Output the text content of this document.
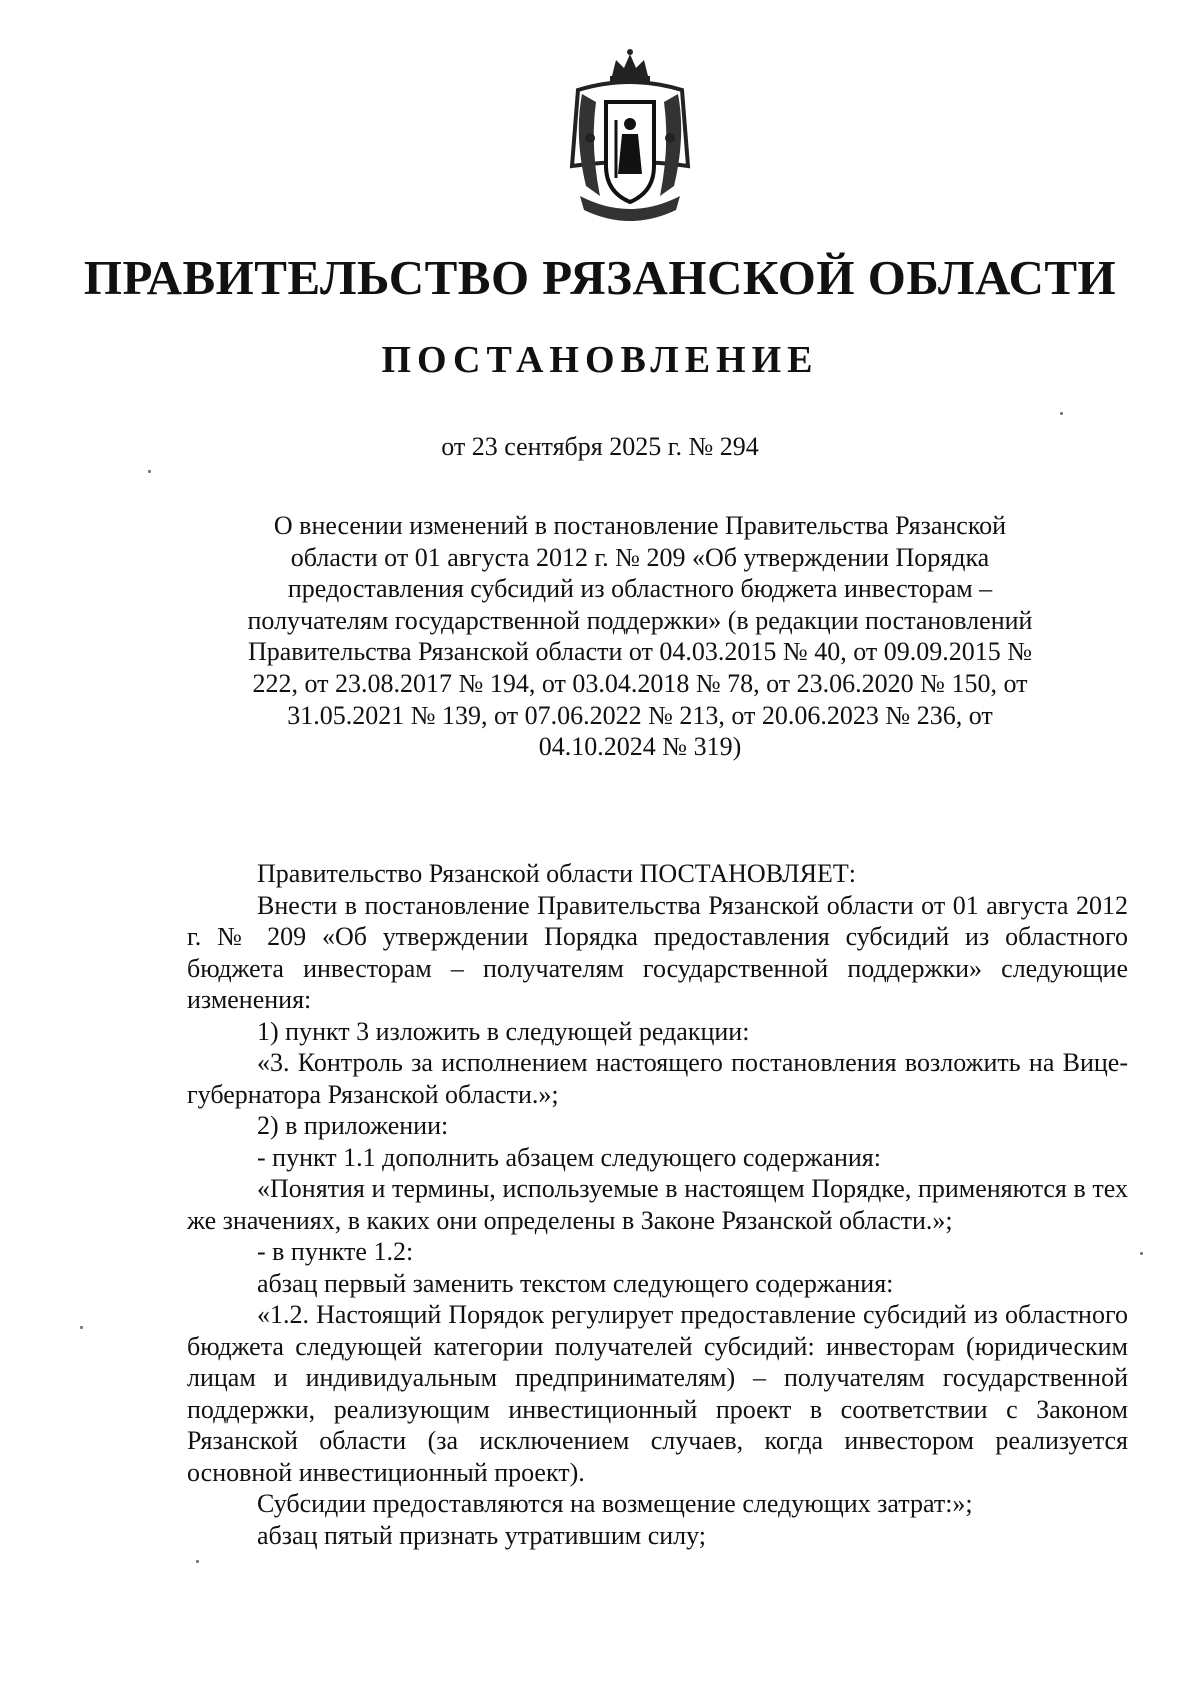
ПРАВИТЕЛЬСТВО РЯЗАНСКОЙ ОБЛАСТИ
ПОСТАНОВЛЕНИЕ
от 23 сентября 2025 г. № 294
О внесении изменений в постановление Правительства Рязанской области от 01 августа 2012 г. № 209 «Об утверждении Порядка предоставления субсидий из областного бюджета инвесторам – получателям государственной поддержки» (в редакции постановлений Правительства Рязанской области от 04.03.2015 № 40, от 09.09.2015 № 222, от 23.08.2017 № 194, от 03.04.2018 № 78, от 23.06.2020 № 150, от 31.05.2021 № 139, от 07.06.2022 № 213, от 20.06.2023 № 236, от 04.10.2024 № 319)

Правительство Рязанской области ПОСТАНОВЛЯЕТ:

Внести в постановление Правительства Рязанской области от 01 августа 2012 г. № 209 «Об утверждении Порядка предоставления субсидий из областного бюджета инвесторам – получателям государственной поддержки» следующие изменения:

1) пункт 3 изложить в следующей редакции:

«3. Контроль за исполнением настоящего постановления возложить на Вице-губернатора Рязанской области.»;

2) в приложении:

- пункт 1.1 дополнить абзацем следующего содержания:

«Понятия и термины, используемые в настоящем Порядке, применяются в тех же значениях, в каких они определены в Законе Рязанской области.»;

- в пункте 1.2:

абзац первый заменить текстом следующего содержания:

«1.2. Настоящий Порядок регулирует предоставление субсидий из областного бюджета следующей категории получателей субсидий: инвесторам (юридическим лицам и индивидуальным предпринимателям) – получателям государственной поддержки, реализующим инвестиционный проект в соответствии с Законом Рязанской области (за исключением случаев, когда инвестором реализуется основной инвестиционный проект).

Субсидии предоставляются на возмещение следующих затрат:»;

абзац пятый признать утратившим силу;
